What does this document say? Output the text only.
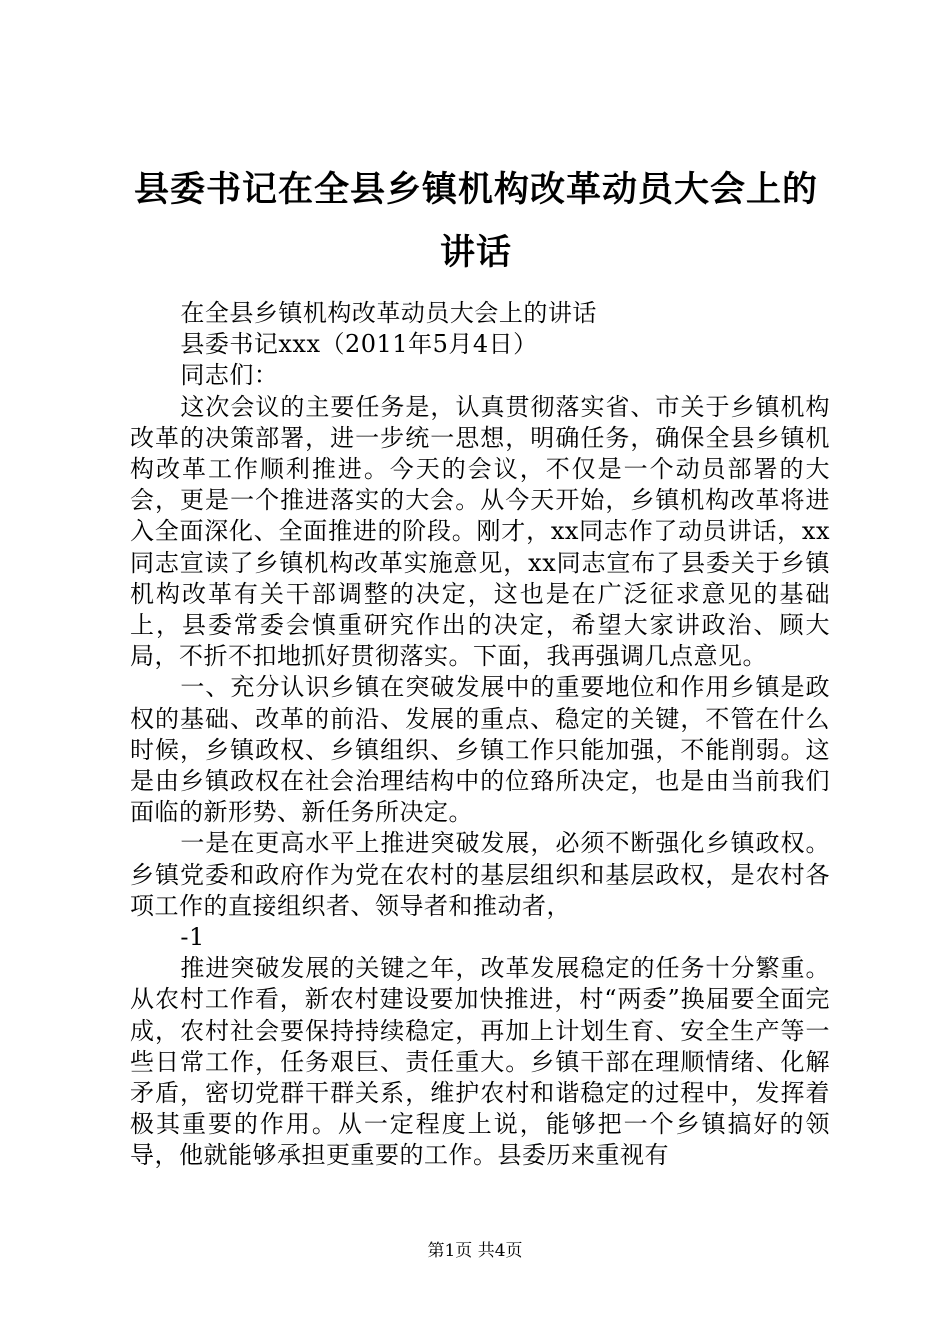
县委书记在全县乡镇机构改革动员大会上的讲话

在全县乡镇机构改革动员大会上的讲话

县委书记xxx（2011年5月4日）

同志们：

这次会议的主要任务是，认真贯彻落实省、市关于乡镇机构改革的决策部署，进一步统一思想，明确任务，确保全县乡镇机构改革工作顺利推进。今天的会议，不仅是一个动员部署的大会，更是一个推进落实的大会。从今天开始，乡镇机构改革将进入全面深化、全面推进的阶段。刚才，xx同志作了动员讲话，xx同志宣读了乡镇机构改革实施意见，xx同志宣布了县委关于乡镇机构改革有关干部调整的决定，这也是在广泛征求意见的基础上，县委常委会慎重研究作出的决定，希望大家讲政治、顾大局，不折不扣地抓好贯彻落实。下面，我再强调几点意见。

一、充分认识乡镇在突破发展中的重要地位和作用乡镇是政权的基础、改革的前沿、发展的重点、稳定的关键，不管在什么时候，乡镇政权、乡镇组织、乡镇工作只能加强，不能削弱。这是由乡镇政权在社会治理结构中的位臵所决定，也是由当前我们面临的新形势、新任务所决定。

一是在更高水平上推进突破发展，必须不断强化乡镇政权。乡镇党委和政府作为党在农村的基层组织和基层政权，是农村各项工作的直接组织者、领导者和推动者，

-1

推进突破发展的关键之年，改革发展稳定的任务十分繁重。从农村工作看，新农村建设要加快推进，村“两委”换届要全面完成，农村社会要保持持续稳定，再加上计划生育、安全生产等一些日常工作，任务艰巨、责任重大。乡镇干部在理顺情绪、化解矛盾，密切党群干群关系，维护农村和谐稳定的过程中，发挥着极其重要的作用。从一定程度上说，能够把一个乡镇搞好的领导，他就能够承担更重要的工作。县委历来重视有

第1页 共4页
